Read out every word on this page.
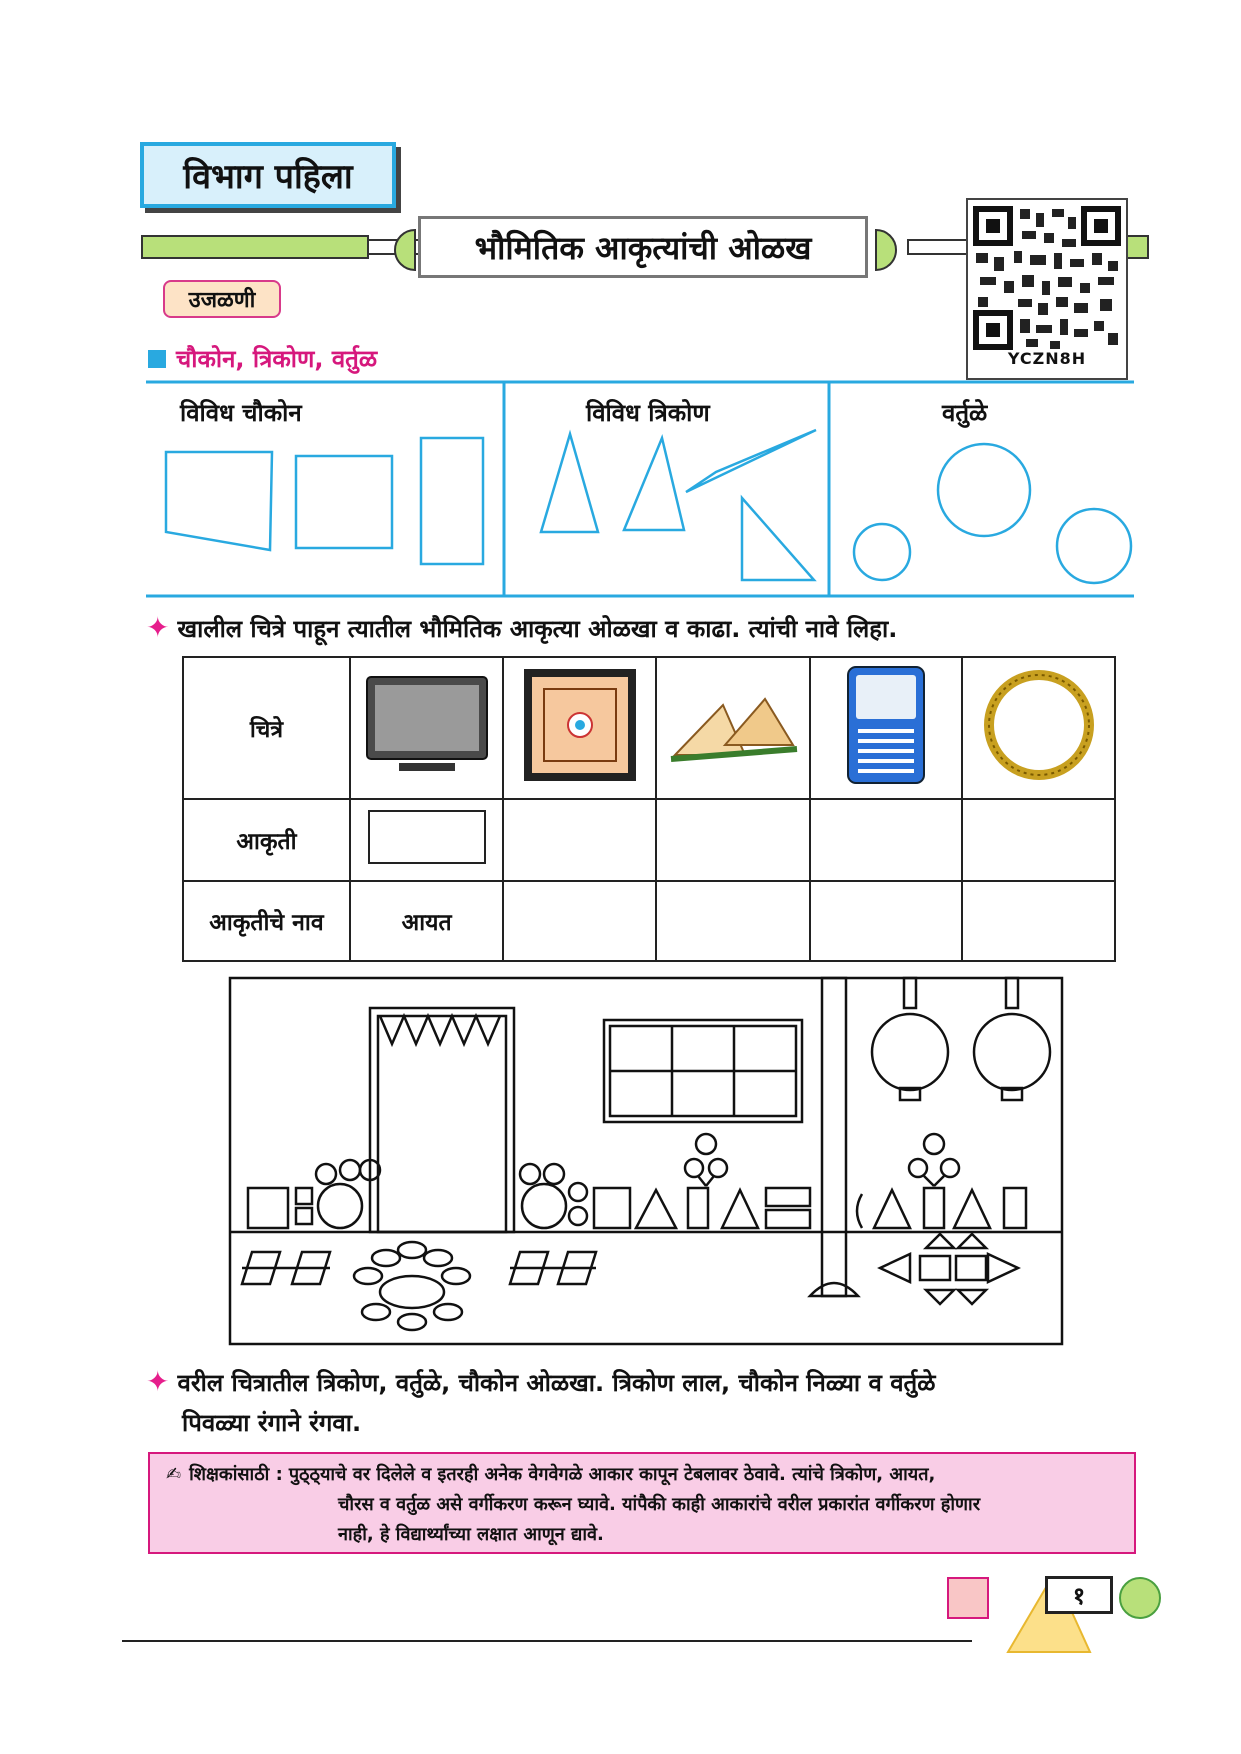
विभाग पहिला
भौमितिक आकृत्यांची ओळख
YCZN8H
उजळणी
चौकोन, त्रिकोण, वर्तुळ
विविध चौकोन	विविध त्रिकोण	वर्तुळे
✦ खालील चित्रे पाहून त्यातील भौमितिक आकृत्या ओळखा व काढा. त्यांची नावे लिहा.
चित्रे					
आकृती					
आकृतीचे नाव	आयत				
✦ वरील चित्रातील त्रिकोण, वर्तुळे, चौकोन ओळखा. त्रिकोण लाल, चौकोन निळ्या व वर्तुळे
पिवळ्या रंगाने रंगवा.
✍ शिक्षकांसाठी : पुठ्ठ्याचे वर दिलेले व इतरही अनेक वेगवेगळे आकार कापून टेबलावर ठेवावे. त्यांचे त्रिकोण, आयत,
चौरस व वर्तुळ असे वर्गीकरण करून घ्यावे. यांपैकी काही आकारांचे वरील प्रकारांत वर्गीकरण होणार
नाही, हे विद्यार्थ्यांच्या लक्षात आणून द्यावे.
१
